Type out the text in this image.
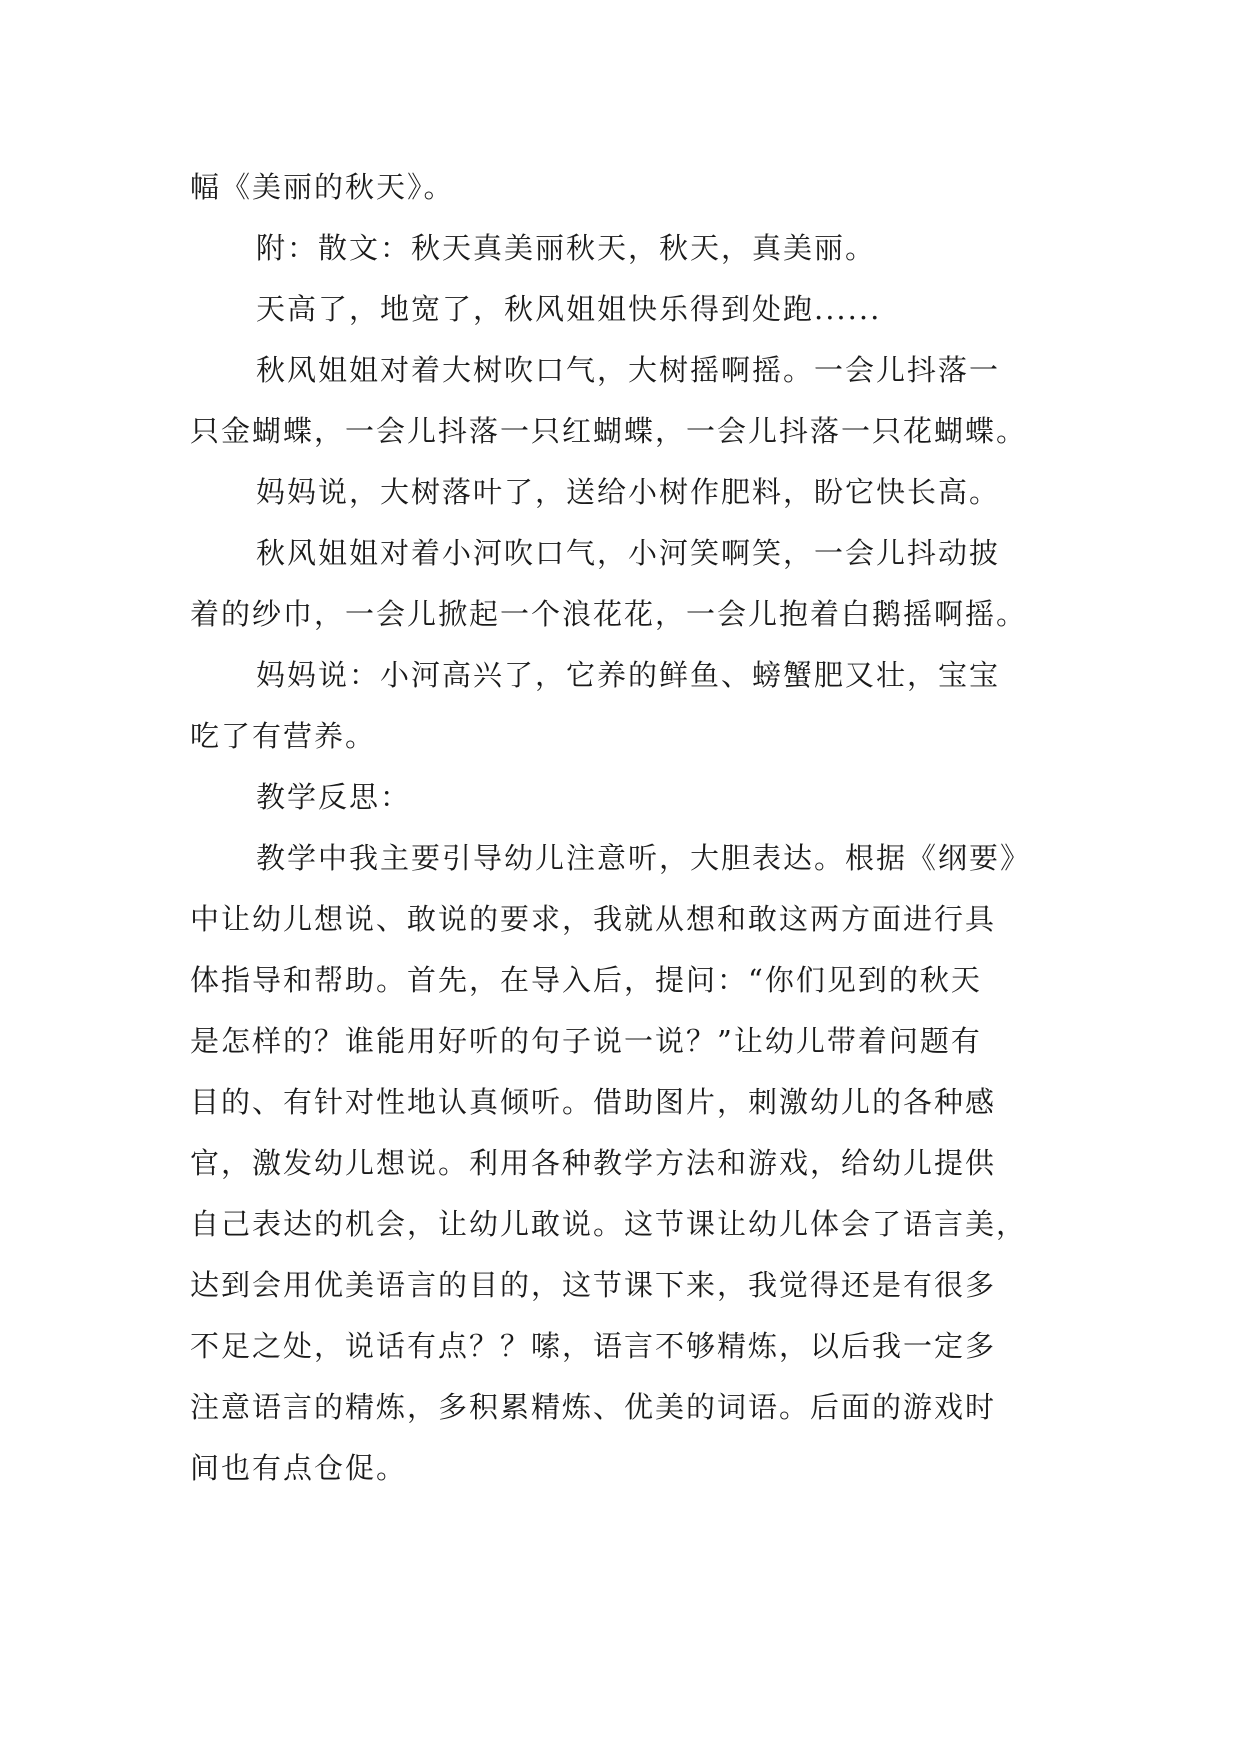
幅《美丽的秋天》。
附：散文：秋天真美丽秋天，秋天，真美丽。
天高了，地宽了，秋风姐姐快乐得到处跑......
秋风姐姐对着大树吹口气，大树摇啊摇。一会儿抖落一
只金蝴蝶，一会儿抖落一只红蝴蝶，一会儿抖落一只花蝴蝶。
妈妈说，大树落叶了，送给小树作肥料，盼它快长高。
秋风姐姐对着小河吹口气，小河笑啊笑，一会儿抖动披
着的纱巾，一会儿掀起一个浪花花，一会儿抱着白鹅摇啊摇。
妈妈说：小河高兴了，它养的鲜鱼、螃蟹肥又壮，宝宝
吃了有营养。
教学反思：
教学中我主要引导幼儿注意听，大胆表达。根据《纲要》
中让幼儿想说、敢说的要求，我就从想和敢这两方面进行具
体指导和帮助。首先，在导入后，提问：“你们见到的秋天
是怎样的？谁能用好听的句子说一说？”让幼儿带着问题有
目的、有针对性地认真倾听。借助图片，刺激幼儿的各种感
官，激发幼儿想说。利用各种教学方法和游戏，给幼儿提供
自己表达的机会，让幼儿敢说。这节课让幼儿体会了语言美，
达到会用优美语言的目的，这节课下来，我觉得还是有很多
不足之处，说话有点？？嗦，语言不够精炼，以后我一定多
注意语言的精炼，多积累精炼、优美的词语。后面的游戏时
间也有点仓促。
